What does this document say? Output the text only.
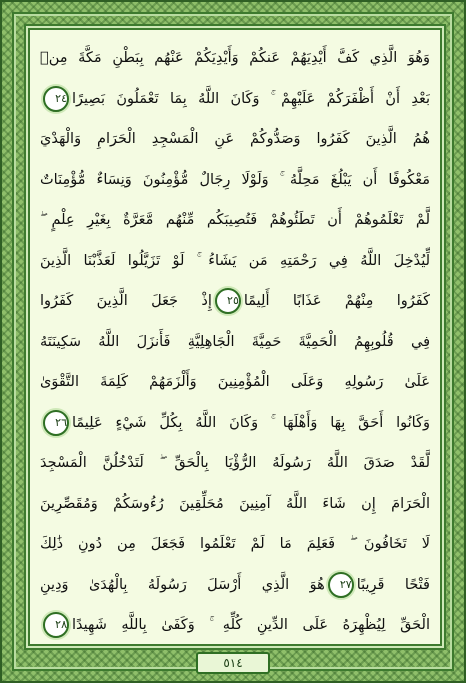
وَهُوَ الَّذِي كَفَّ أَيْدِيَهُمْ عَنكُمْ وَأَيْدِيَكُمْ عَنْهُم بِبَطْنِ مَكَّةَ مِنۢ
بَعْدِ أَنْ أَظْفَرَكُمْ عَلَيْهِمْ ۚ وَكَانَ اللَّهُ بِمَا تَعْمَلُونَ بَصِيرًا٢٤
هُمُ الَّذِينَ كَفَرُوا وَصَدُّوكُمْ عَنِ الْمَسْجِدِ الْحَرَامِ وَالْهَدْيَ
مَعْكُوفًا أَن يَبْلُغَ مَحِلَّهُ ۚ وَلَوْلَا رِجَالٌ مُّؤْمِنُونَ وَنِسَاءٌ مُّؤْمِنَاتٌ
لَّمْ تَعْلَمُوهُمْ أَن تَطَئُوهُمْ فَتُصِيبَكُم مِّنْهُم مَّعَرَّةٌ بِغَيْرِ عِلْمٍ ۖ
لِّيُدْخِلَ اللَّهُ فِي رَحْمَتِهِ مَن يَشَاءُ ۚ لَوْ تَزَيَّلُوا لَعَذَّبْنَا الَّذِينَ
كَفَرُوا مِنْهُمْ عَذَابًا أَلِيمًا٢٥إِذْ جَعَلَ الَّذِينَ كَفَرُوا
فِي قُلُوبِهِمُ الْحَمِيَّةَ حَمِيَّةَ الْجَاهِلِيَّةِ فَأَنزَلَ اللَّهُ سَكِينَتَهُ
عَلَىٰ رَسُولِهِ وَعَلَى الْمُؤْمِنِينَ وَأَلْزَمَهُمْ كَلِمَةَ التَّقْوَىٰ
وَكَانُوا أَحَقَّ بِهَا وَأَهْلَهَا ۚ وَكَانَ اللَّهُ بِكُلِّ شَيْءٍ عَلِيمًا٢٦
لَّقَدْ صَدَقَ اللَّهُ رَسُولَهُ الرُّؤْيَا بِالْحَقِّ ۖ لَتَدْخُلُنَّ الْمَسْجِدَ
الْحَرَامَ إِن شَاءَ اللَّهُ آمِنِينَ مُحَلِّقِينَ رُءُوسَكُمْ وَمُقَصِّرِينَ
لَا تَخَافُونَ ۖ فَعَلِمَ مَا لَمْ تَعْلَمُوا فَجَعَلَ مِن دُونِ ذَٰلِكَ
فَتْحًا قَرِيبًا٢٧هُوَ الَّذِي أَرْسَلَ رَسُولَهُ بِالْهُدَىٰ وَدِينِ
الْحَقِّ لِيُظْهِرَهُ عَلَى الدِّينِ كُلِّهِ ۚ وَكَفَىٰ بِاللَّهِ شَهِيدًا٢٨
٥١٤
